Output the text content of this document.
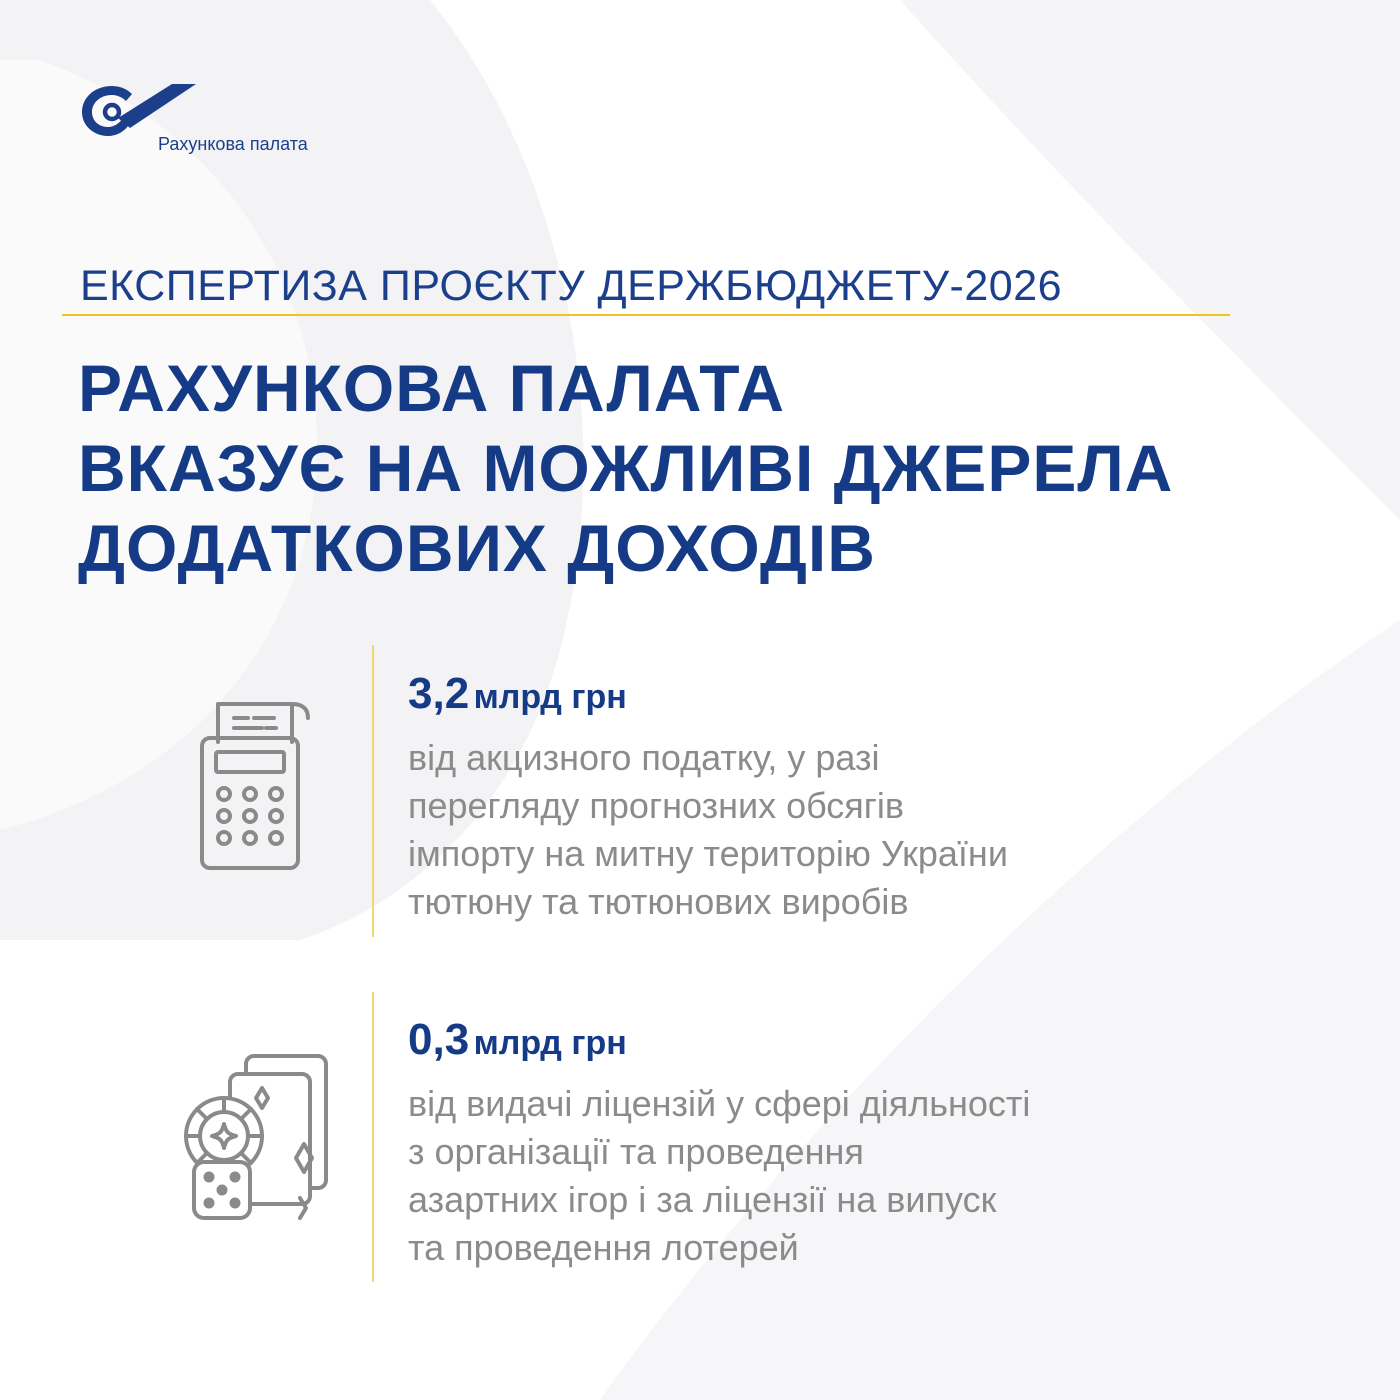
Рахункова палата
ЕКСПЕРТИЗА ПРОЄКТУ ДЕРЖБЮДЖЕТУ-2026
РАХУНКОВА ПАЛАТА
ВКАЗУЄ НА МОЖЛИВІ ДЖЕРЕЛА
ДОДАТКОВИХ ДОХОДІВ
3,2 млрд грн
від акцизного податку, у разі
перегляду прогнозних обсягів
імпорту на митну територію України
тютюну та тютюнових виробів
0,3 млрд грн
від видачі ліцензій у сфері діяльності
з організації та проведення
азартних ігор і за ліцензії на випуск
та проведення лотерей
